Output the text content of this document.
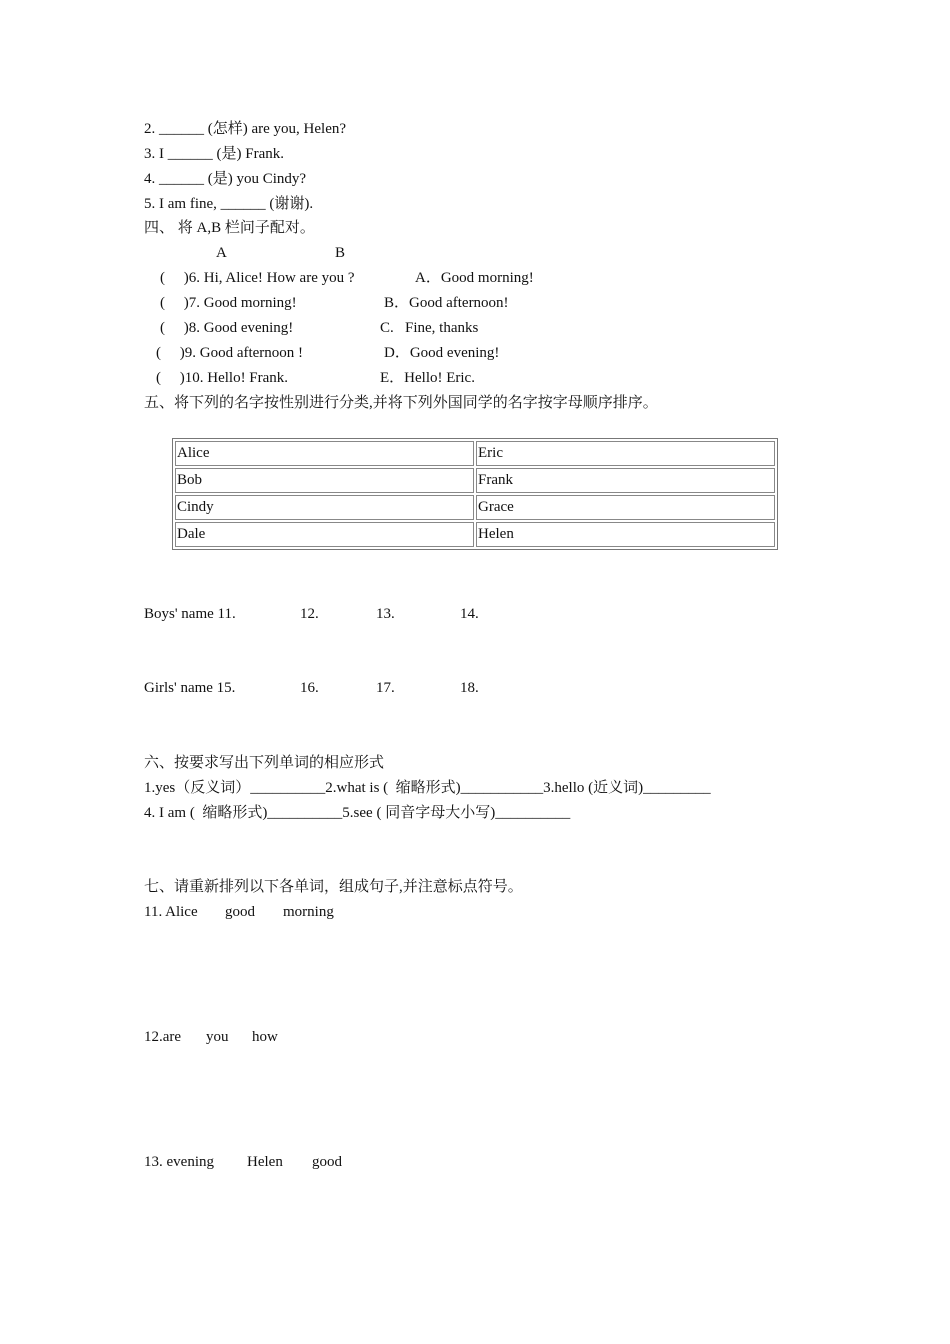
2. ______ (怎样) are you, Helen?
3. I ______ (是) Frank.
4. ______ (是) you Cindy?
5. I am fine, ______ (谢谢).
四、 将 A,B 栏问子配对。
A	B
(     )6. Hi, Alice! How are you ?	A．Good morning!
(     )7. Good morning!	B．Good afternoon!
(     )8. Good evening!	C.   Fine, thanks
(     )9. Good afternoon !	D．Good evening!
(     )10. Hello! Frank.	E．Hello! Eric.
五、将下列的名字按性别进行分类,并将下列外国同学的名字按字母顺序排序。
Alice	Eric
Bob	Frank
Cindy	Grace
Dale	Helen
Boys' name 11.	12.	13.	14.
Girls' name 15.	16.	17.	18.
六、按要求写出下列单词的相应形式
1.yes（反义词）__________2.what is (  缩略形式)___________3.hello (近义词)_________
4. I am (  缩略形式)__________5.see ( 同音字母大小写)__________
七、请重新排列以下各单词，组成句子,并注意标点符号。
11. Alice good morning
12.are you how
13. evening Helen good
